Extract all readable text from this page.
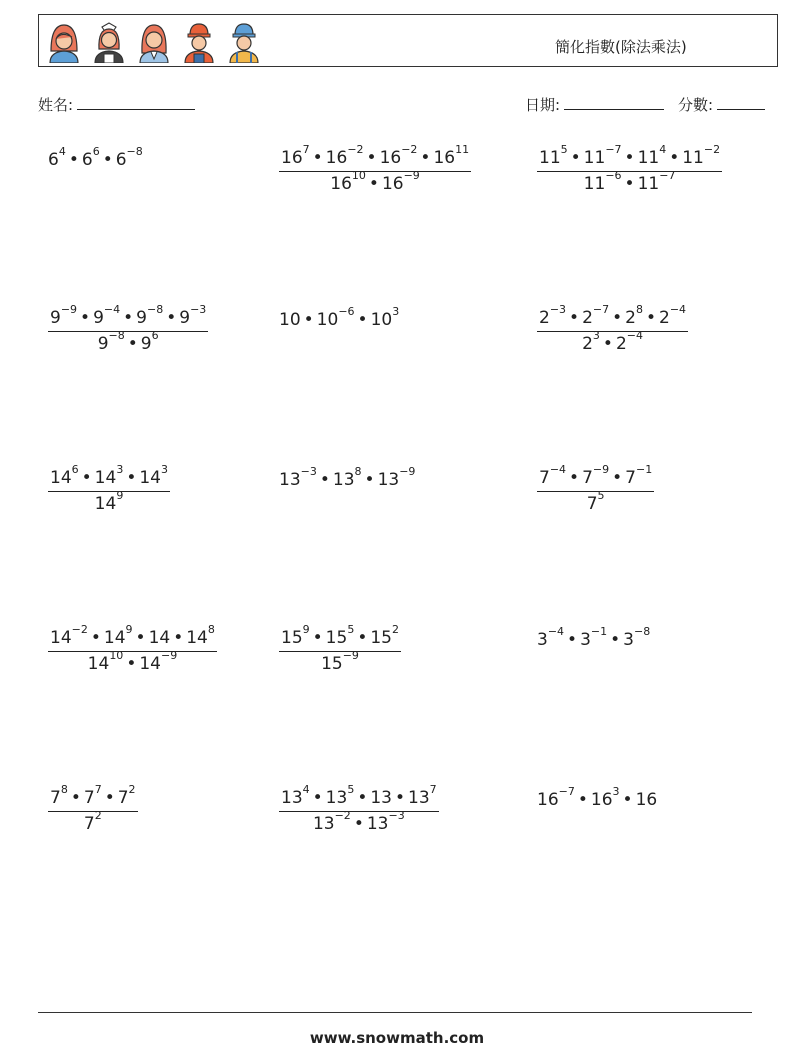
簡化指數(除法乘法)
姓名:	日期:	分數:
$6^4$ • $6^6$ • $6^{-8}$	$\frac{16^7 • 16^{-2} • 16^{-2} • 16^{11}}{16^{10} • 16^{-9}}$	$\frac{11^5 • 11^{-7} • 11^4 • 11^{-2}}{11^{-6} • 11^{-7}}$
$\frac{9^{-9} • 9^{-4} • 9^{-8} • 9^{-3}}{9^{-8} • 9^6}$	10 • $10^{-6}$ • $10^3$	$\frac{2^{-3} • 2^{-7} • 2^8 • 2^{-4}}{2^3 • 2^{-4}}$
$\frac{14^6 • 14^3 • 14^3}{14^9}$	$13^{-3}$ • $13^8$ • $13^{-9}$	$\frac{7^{-4} • 7^{-9} • 7^{-1}}{7^5}$
$\frac{14^{-2} • 14^9 • 14 • 14^8}{14^{10} • 14^{-9}}$	$\frac{15^9 • 15^5 • 15^2}{15^{-9}}$	$3^{-4}$ • $3^{-1}$ • $3^{-8}$
$\frac{7^8 • 7^7 • 7^2}{7^2}$	$\frac{13^4 • 13^5 • 13 • 13^7}{13^{-2} • 13^{-3}}$	$16^{-7}$ • $16^3$ • 16
www.snowmath.com
